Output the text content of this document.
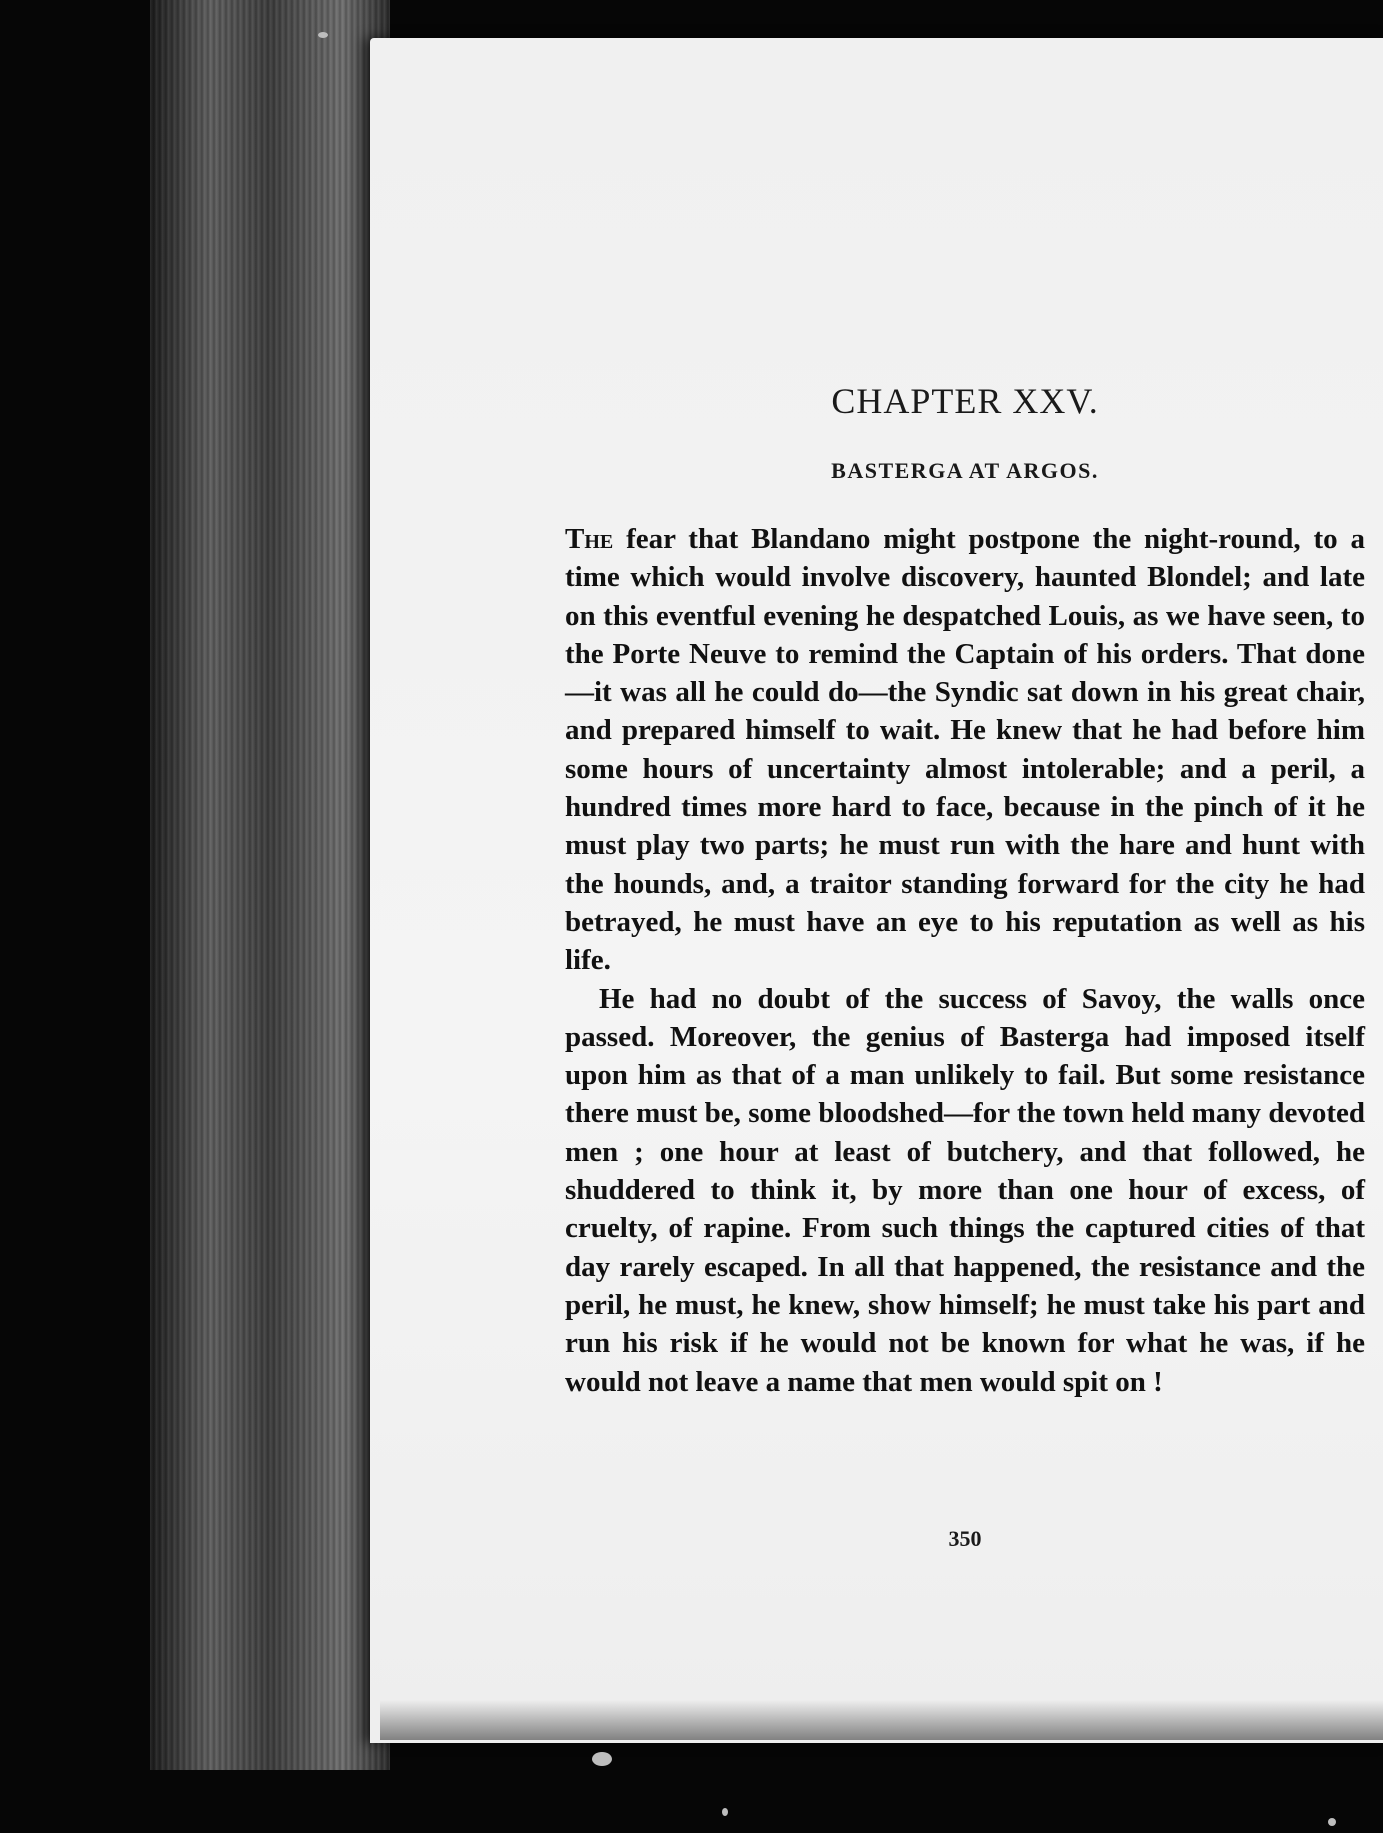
CHAPTER XXV.
BASTERGA AT ARGOS.

The fear that Blandano might postpone the night-round, to a time which would involve discovery, haunted Blondel; and late on this eventful evening he despatched Louis, as we have seen, to the Porte Neuve to remind the Captain of his orders. That done—it was all he could do—the Syndic sat down in his great chair, and prepared himself to wait. He knew that he had before him some hours of uncertainty almost intolerable; and a peril, a hundred times more hard to face, because in the pinch of it he must play two parts; he must run with the hare and hunt with the hounds, and, a traitor standing forward for the city he had betrayed, he must have an eye to his reputation as well as his life.

He had no doubt of the success of Savoy, the walls once passed. Moreover, the genius of Basterga had imposed itself upon him as that of a man unlikely to fail. But some resistance there must be, some bloodshed—for the town held many devoted men ; one hour at least of butchery, and that followed, he shuddered to think it, by more than one hour of excess, of cruelty, of rapine. From such things the captured cities of that day rarely escaped. In all that happened, the resistance and the peril, he must, he knew, show himself; he must take his part and run his risk if he would not be known for what he was, if he would not leave a name that men would spit on !

350
